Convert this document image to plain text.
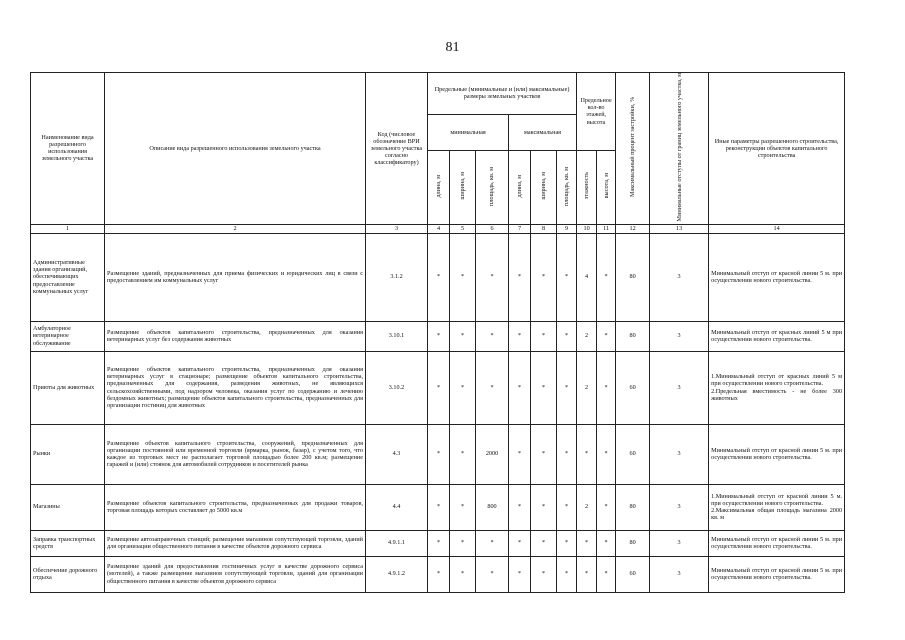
81
Наименование вида разрешенного использования земельного участка	Описание вида разрешенного использования земельного участка	Код (числовое обозначение ВРИ земельного участка согласно классификатору)	Предельные (минимальные и (или) максимальные) размеры земельных участков						Предельное кол-во этажей, высота		Максимальный процент застройки, %	Минимальные отступы от границ земельного участка, м	Иные параметры разрешенного строительства, реконструкции объектов капитального строительства
			минимальная			максимальная							
			длина, м	ширина, м	площадь, кв. м	длина, м	ширина, м	площадь, кв. м	этажность	высота, м			
1	2	3	4	5	6	7	8	9	10	11	12	13	14
Административные здания организаций, обеспечивающих предоставление коммунальных услуг	Размещение зданий, предназначенных для приема физических и юридических лиц в связи с предоставлением им коммунальных услуг	3.1.2	*	*	*	*	*	*	4	*	80	3	Минимальный отступ от красной линии 5 м. при осуществлении нового строительства.
Амбулаторное ветеринарное обслуживание	Размещение объектов капитального строительства, предназначенных для оказания ветеринарных услуг без содержания животных	3.10.1	*	*	*	*	*	*	2	*	80	3	Минимальный отступ от красных линий 5 м при осуществлении нового строительства.
Приюты для животных	Размещение объектов капитального строительства, предназначенных для оказания ветеринарных услуг в стационаре; размещение объектов капитального строительства, предназначенных для содержания, разведения животных, не являющихся сельскохозяйственными, под надзором человека, оказания услуг по содержанию и лечению бездомных животных; размещение объектов капитального строительства, предназначенных для организации гостиниц для животных	3.10.2	*	*	*	*	*	*	2	*	60	3	1.Минимальный отступ от красных линий 5 м при осуществлении нового строительства.
2.Предельная вместимость - не более 300 животных
Рынки	Размещение объектов капитального строительства, сооружений, предназначенных для организации постоянной или временной торговли (ярмарка, рынок, базар), с учетом того, что каждое из торговых мест не располагает торговой площадью более 200 кв.м; размещение гаражей и (или) стоянок для автомобилей сотрудников и посетителей рынка	4.3	*	*	2000	*	*	*	*	*	60	3	Минимальный отступ от красной линии 5 м. при осуществлении нового строительства.
Магазины	Размещение объектов капитального строительства, предназначенных для продажи товаров, торговая площадь которых составляет до 5000 кв.м	4.4	*	*	800	*	*	*	2	*	80	3	1.Минимальный отступ от красной линии 5 м. при осуществлении нового строительства.
2.Максимальная общая площадь магазина 2000 кв. м
Заправка транспортных средств	Размещение автозаправочных станций; размещение магазинов сопутствующей торговли, зданий для организации общественного питания в качестве объектов дорожного сервиса	4.9.1.1	*	*	*	*	*	*	*	*	80	3	Минимальный отступ от красной линии 5 м. при осуществлении нового строительства.
Обеспечение дорожного отдыха	Размещение зданий для предоставления гостиничных услуг в качестве дорожного сервиса (мотелей), а также размещение магазинов сопутствующей торговли, зданий для организации общественного питания в качестве объектов дорожного сервиса	4.9.1.2	*	*	*	*	*	*	*	*	60	3	Минимальный отступ от красной линии 5 м. при осуществлении нового строительства.
